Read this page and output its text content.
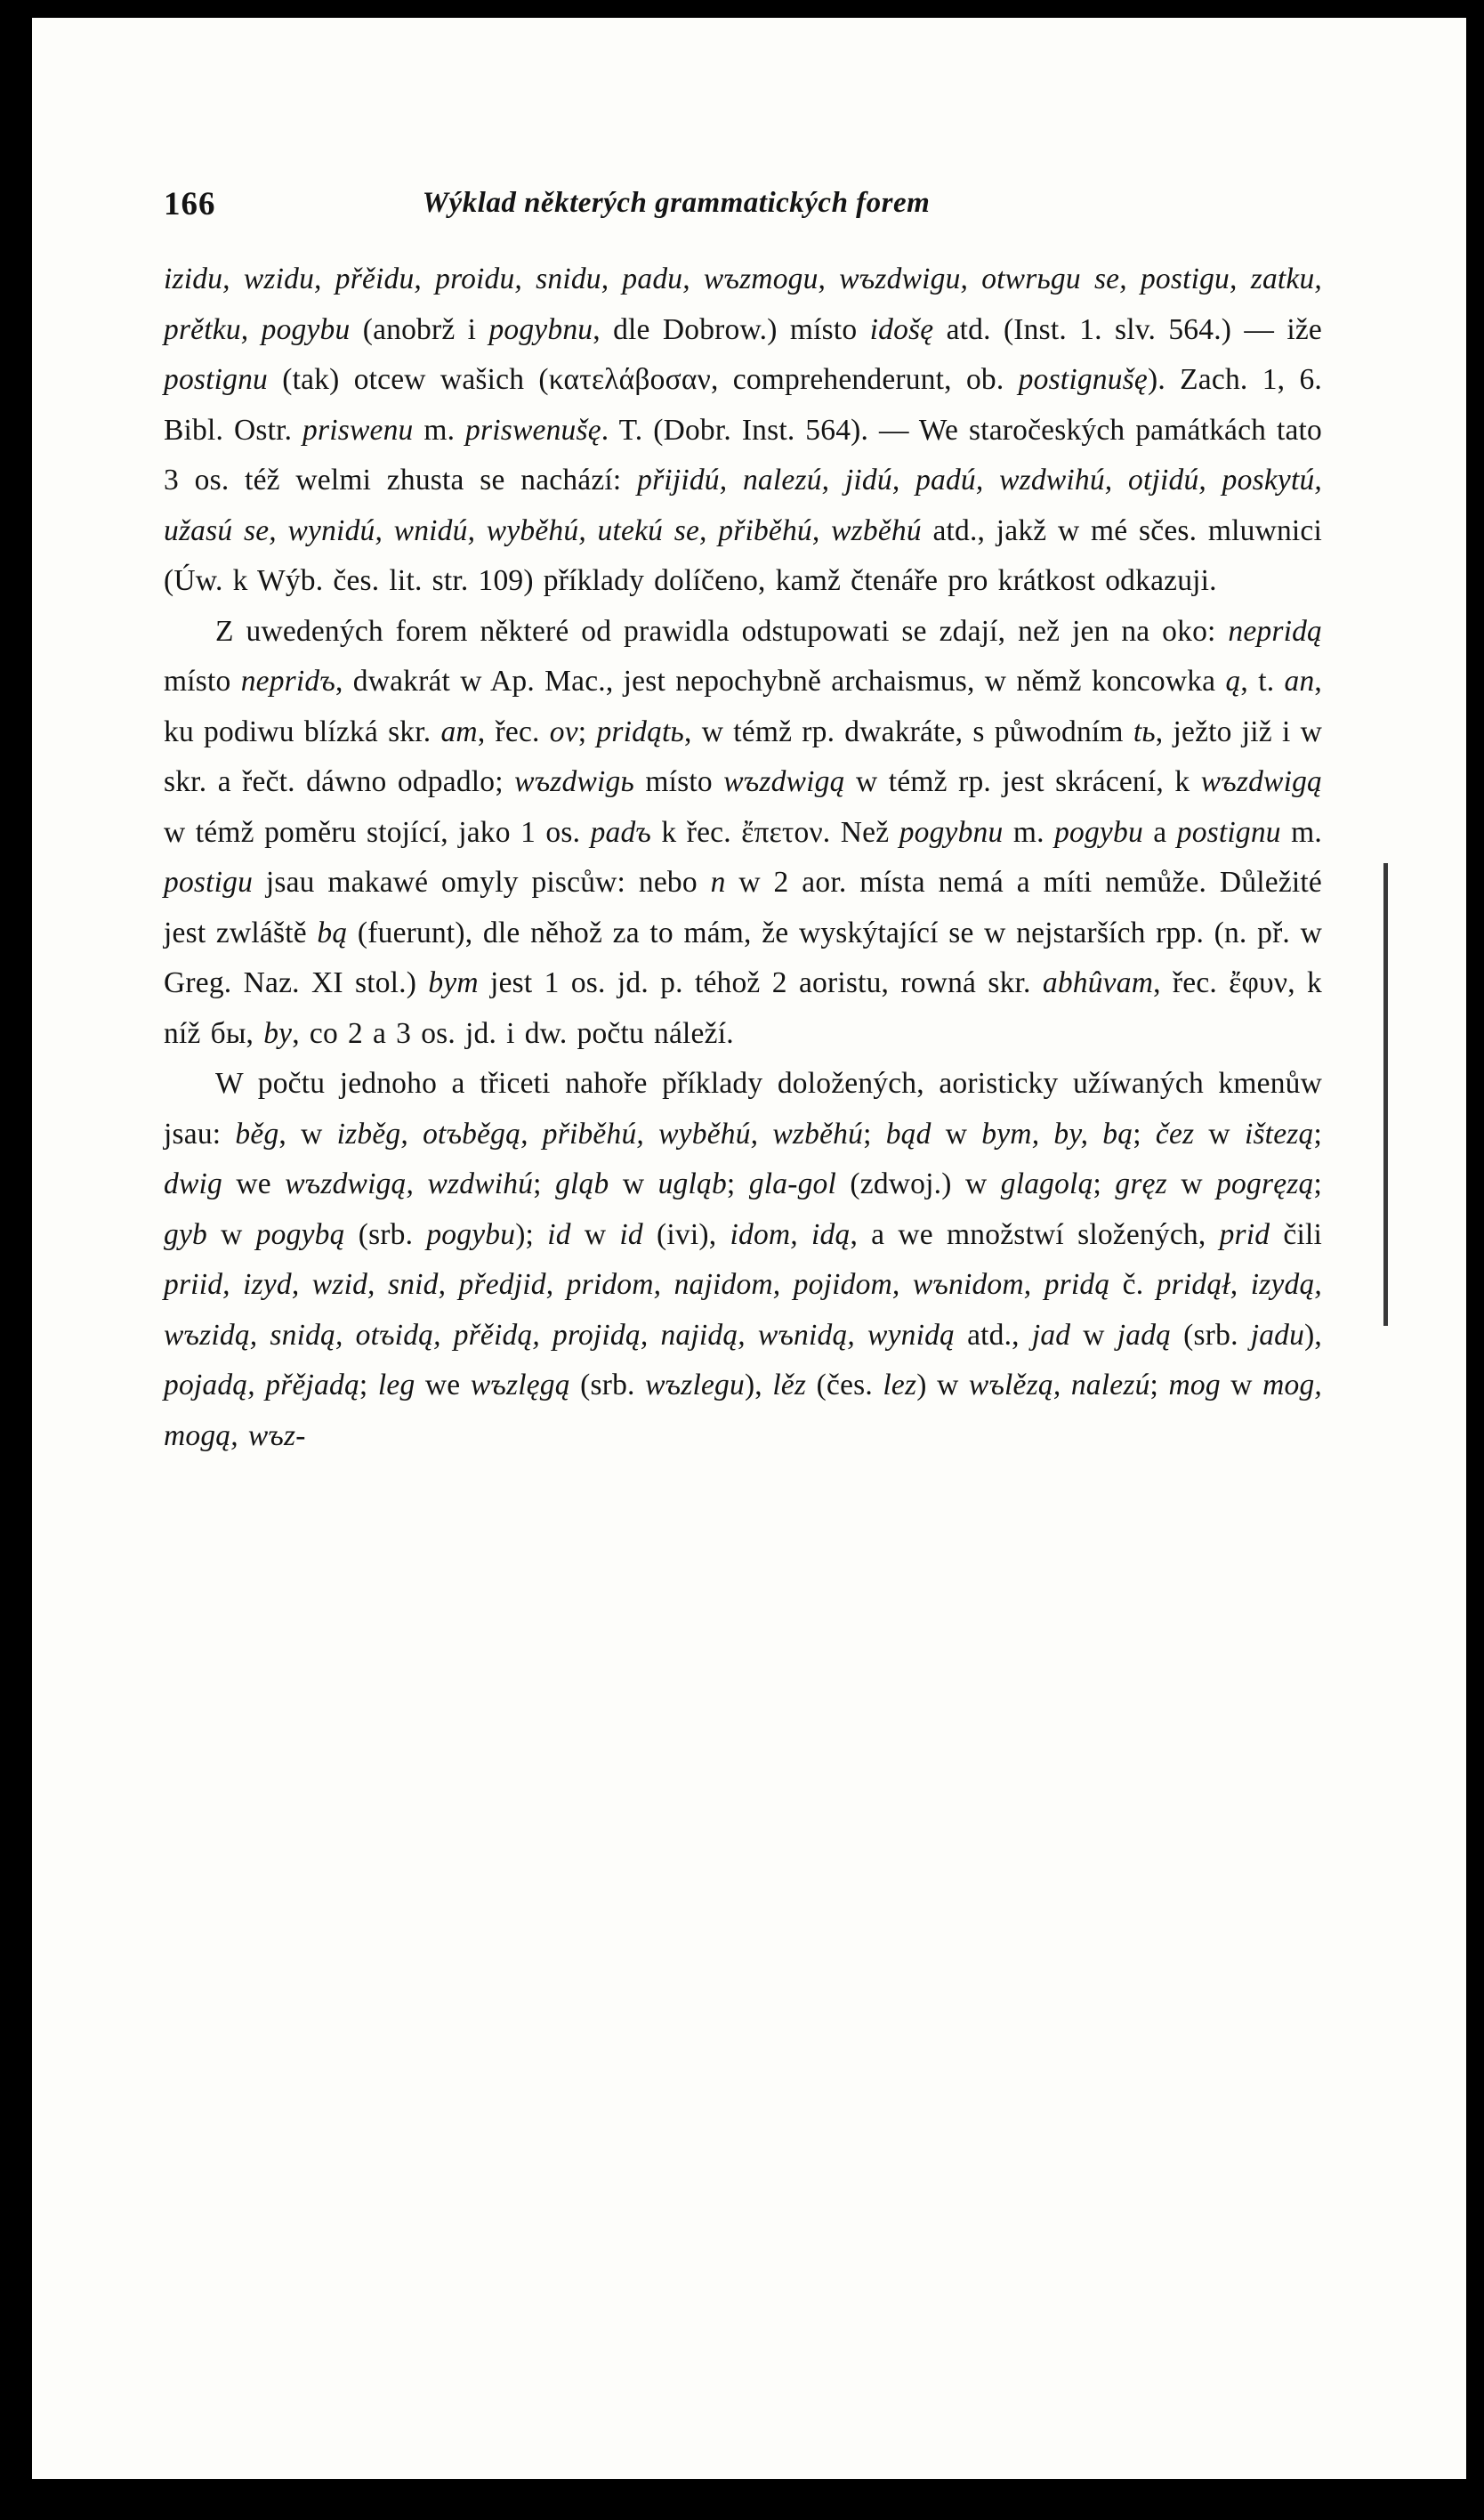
166	Wýklad některých grammatických forem

izidu, wzidu, přěidu, proidu, snidu, padu, wъzmogu, wъzdwigu, otwrьgu se, postigu, zatku, prětku, pogybu (anobrž i pogybnu, dle Dobrow.) místo idošę atd. (Inst. 1. slv. 564.) — iže postignu (tak) otcew wašich (κατελάβοσαν, comprehenderunt, ob. postignušę). Zach. 1, 6. Bibl. Ostr. priswenu m. priswenušę. T. (Dobr. Inst. 564). — We staročeských památkách tato 3 os. též welmi zhusta se nachází: přijidú, nalezú, jidú, padú, wzdwihú, otjidú, poskytú, užasú se, wynidú, wnidú, wyběhú, utekú se, přiběhú, wzběhú atd., jakž w mé sčes. mluwnici (Úw. k Wýb. čes. lit. str. 109) příklady dolíčeno, kamž čtenáře pro krátkost odkazuji.

Z uwedených forem některé od prawidla odstupowati se zdají, než jen na oko: nepridą místo nepridъ, dwakrát w Ap. Mac., jest nepochybně archaismus, w němž koncowka ą, t. an, ku podiwu blízká skr. am, řec. ον; pridątь, w témž rp. dwakráte, s půwodním tь, ježto již i w skr. a řečt. dáwno odpadlo; wъzdwigь místo wъzdwigą w témž rp. jest skrácení, k wъzdwigą w témž poměru stojící, jako 1 os. padъ k řec. ἔπετον. Než pogybnu m. pogybu a postignu m. postigu jsau makawé omyly piscůw: nebo n w 2 aor. místa nemá a míti nemůže. Důležité jest zwláště bą (fuerunt), dle něhož za to mám, že wyskýtající se w nejstarších rpp. (n. př. w Greg. Naz. XI stol.) bym jest 1 os. jd. p. téhož 2 aoristu, rowná skr. abhûvam, řec. ἔφυν, k níž бы, by, co 2 a 3 os. jd. i dw. počtu náleží.

W počtu jednoho a třiceti nahoře příklady doložených, aoristicky užíwaných kmenůw jsau: běg, w izběg, otъběgą, přiběhú, wyběhú, wzběhú; bąd w bym, by, bą; čez w ištezą; dwig we wъzdwigą, wzdwihú; gląb w ugląb; gla-gol (zdwoj.) w glagolą; gręz w pogręzą; gyb w pogybą (srb. pogybu); id w id (ivi), idom, idą, a we množstwí složených, prid čili priid, izyd, wzid, snid, předjid, pridom, najidom, pojidom, wъnidom, pridą č. pridął, izydą, wъzidą, snidą, otъidą, přěidą, projidą, najidą, wъnidą, wynidą atd., jad w jadą (srb. jadu), pojadą, přějadą; leg we wъzlęgą (srb. wъzlegu), lěz (čes. lez) w wъlězą, nalezú; mog w mog, mogą, wъz-
